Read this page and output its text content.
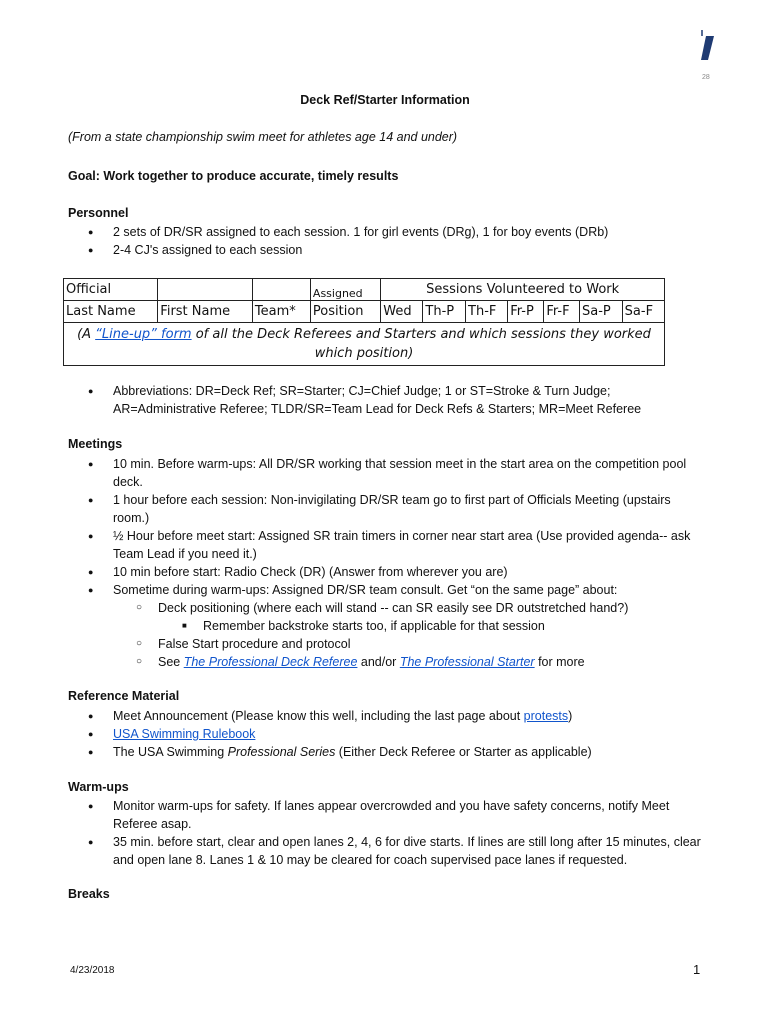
28
Deck Ref/Starter Information
(From a state championship swim meet for athletes age 14 and under)
Goal: Work together to produce accurate, timely results
Personnel
● 2 sets of DR/SR assigned to each session. 1 for girl events (DRg), 1 for boy events (DRb)
● 2-4 CJ's assigned to each session
Official			Assigned	Sessions Volunteered to Work						
Last Name	First Name	Team*	Position	Wed	Th-P	Th-F	Fr-P	Fr-F	Sa-P	Sa-F
(A “Line-up” form of all the Deck Referees and Starters and which sessions they worked which position)										
● Abbreviations: DR=Deck Ref; SR=Starter; CJ=Chief Judge; 1 or ST=Stroke & Turn Judge; AR=Administrative Referee; TLDR/SR=Team Lead for Deck Refs & Starters; MR=Meet Referee
Meetings
● 10 min. Before warm-ups: All DR/SR working that session meet in the start area on the competition pool deck.
● 1 hour before each session: Non-invigilating DR/SR team go to first part of Officials Meeting (upstairs room.)
● ½ Hour before meet start: Assigned SR train timers in corner near start area (Use provided agenda-- ask Team Lead if you need it.)
● 10 min before start: Radio Check (DR) (Answer from wherever you are)
● Sometime during warm-ups: Assigned DR/SR team consult. Get “on the same page” about:
○ Deck positioning (where each will stand -- can SR easily see DR outstretched hand?)
■ Remember backstroke starts too, if applicable for that session
○ False Start procedure and protocol
○ See The Professional Deck Referee and/or The Professional Starter for more
Reference Material
● Meet Announcement (Please know this well, including the last page about protests)
● USA Swimming Rulebook
● The USA Swimming Professional Series (Either Deck Referee or Starter as applicable)
Warm-ups
● Monitor warm-ups for safety. If lanes appear overcrowded and you have safety concerns, notify Meet Referee asap.
● 35 min. before start, clear and open lanes 2, 4, 6 for dive starts. If lines are still long after 15 minutes, clear and open lane 8. Lanes 1 & 10 may be cleared for coach supervised pace lanes if requested.
Breaks
4/23/2018	1
